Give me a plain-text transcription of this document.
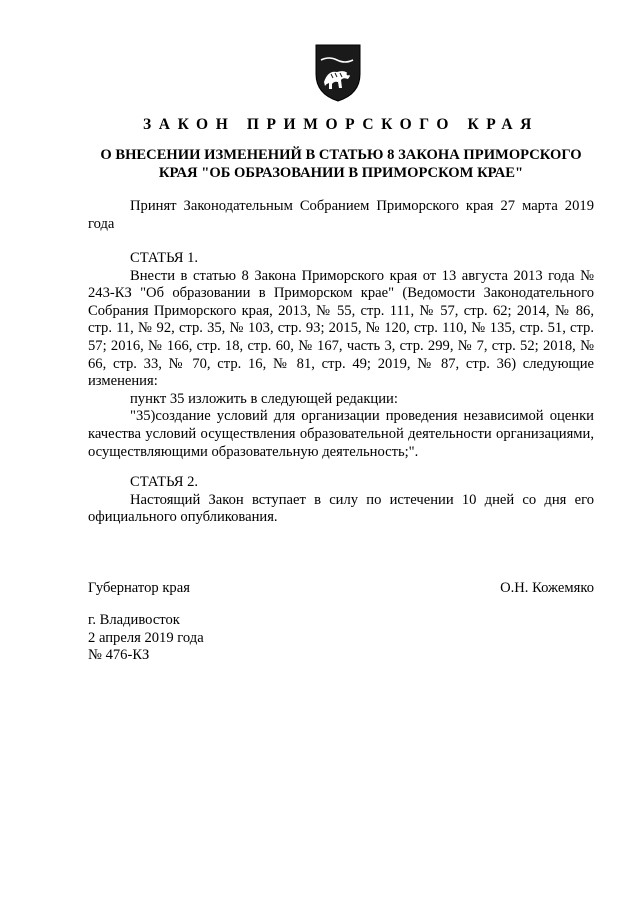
ЗАКОН ПРИМОРСКОГО КРАЯ
О ВНЕСЕНИИ ИЗМЕНЕНИЙ В СТАТЬЮ 8 ЗАКОНА ПРИМОРСКОГО
КРАЯ "ОБ ОБРАЗОВАНИИ В ПРИМОРСКОМ КРАЕ"

Принят Законодательным Собранием Приморского края 27 марта 2019 года

СТАТЬЯ 1.

Внести в статью 8 Закона Приморского края от 13 августа 2013 года № 243-КЗ "Об образовании в Приморском крае" (Ведомости Законодательного Собрания Приморского края, 2013, № 55, стр. 111, № 57, стр. 62; 2014, № 86, стр. 11, № 92, стр. 35, № 103, стр. 93; 2015, № 120, стр. 110, № 135, стр. 51, стр. 57; 2016, № 166, стр. 18, стр. 60, № 167, часть 3, стр. 299, № 7, стр. 52; 2018, № 66, стр. 33, № 70, стр. 16, № 81, стр. 49; 2019, № 87, стр. 36) следующие изменения:

пункт 35 изложить в следующей редакции:

"35)создание условий для организации проведения независимой оценки качества условий осуществления образовательной деятельности организациями, осуществляющими образовательную деятельность;".

СТАТЬЯ 2.

Настоящий Закон вступает в силу по истечении 10 дней со дня его официального опубликования.

Губернатор края	О.Н. Кожемяко

г. Владивосток

2 апреля 2019 года

№ 476-КЗ
